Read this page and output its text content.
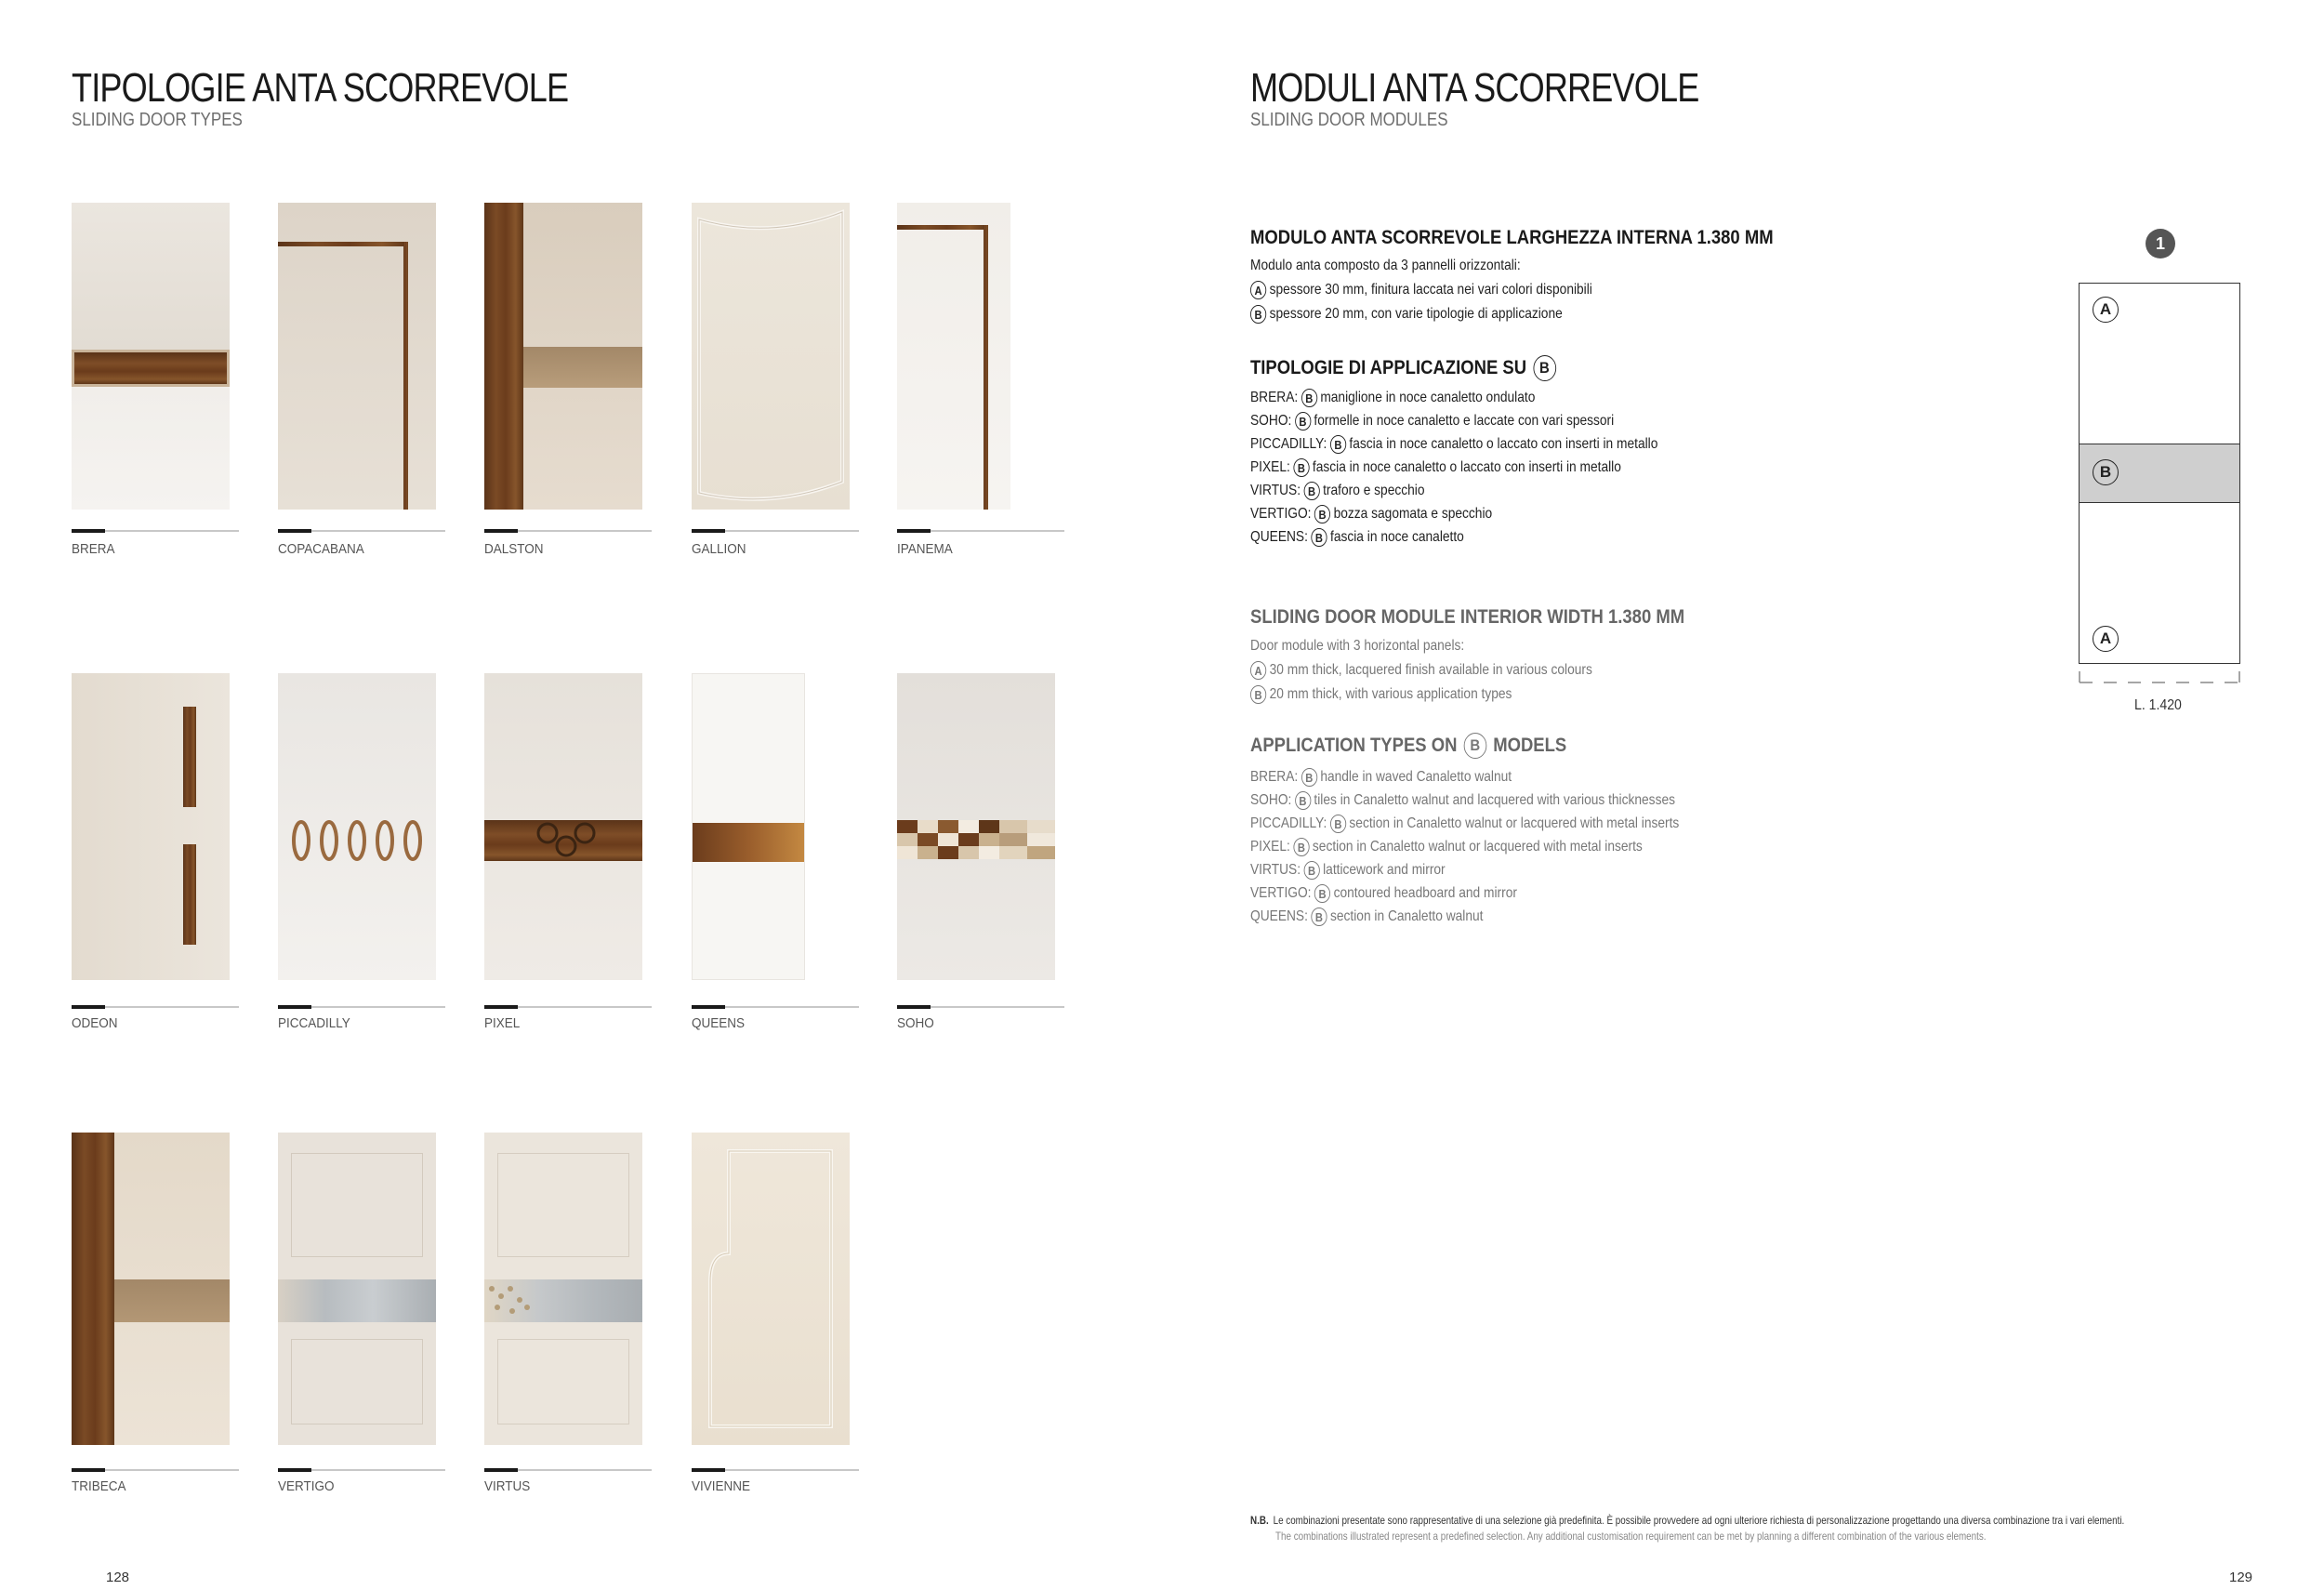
TIPOLOGIE ANTA SCORREVOLE
SLIDING DOOR TYPES
BRERA	COPACABANA	DALSTON	GALLION	IPANEMA
ODEON	PICCADILLY	PIXEL	QUEENS	SOHO
TRIBECA	VERTIGO	VIRTUS	VIVIENNE
128
MODULI ANTA SCORREVOLE
SLIDING DOOR MODULES
MODULO ANTA SCORREVOLE LARGHEZZA INTERNA 1.380 MM
Modulo anta composto da 3 pannelli orizzontali:
A spessore 30 mm, finitura laccata nei vari colori disponibili
B spessore 20 mm, con varie tipologie di applicazione
TIPOLOGIE DI APPLICAZIONE SU B
BRERA: B maniglione in noce canaletto ondulato
SOHO: B formelle in noce canaletto e laccate con vari spessori
PICCADILLY: B fascia in noce canaletto o laccato con inserti in metallo
PIXEL: B fascia in noce canaletto o laccato con inserti in metallo
VIRTUS: B traforo e specchio
VERTIGO: B bozza sagomata e specchio
QUEENS: B fascia in noce canaletto
SLIDING DOOR MODULE INTERIOR WIDTH 1.380 MM
Door module with 3 horizontal panels:
A 30 mm thick, lacquered finish available in various colours
B 20 mm thick, with various application types
APPLICATION TYPES ON B MODELS
BRERA: B handle in waved Canaletto walnut
SOHO: B tiles in Canaletto walnut and lacquered with various thicknesses
PICCADILLY: B section in Canaletto walnut or lacquered with metal inserts
PIXEL: B section in Canaletto walnut or lacquered with metal inserts
VIRTUS: B latticework and mirror
VERTIGO: B contoured headboard and mirror
QUEENS: B section in Canaletto walnut
1
A
B
A
L. 1.420
N.B. Le combinazioni presentate sono rappresentative di una selezione già predefinita. È possibile provvedere ad ogni ulteriore richiesta di personalizzazione progettando una diversa combinazione tra i vari elementi.
The combinations illustrated represent a predefined selection. Any additional customisation requirement can be met by planning a different combination of the various elements.
129
